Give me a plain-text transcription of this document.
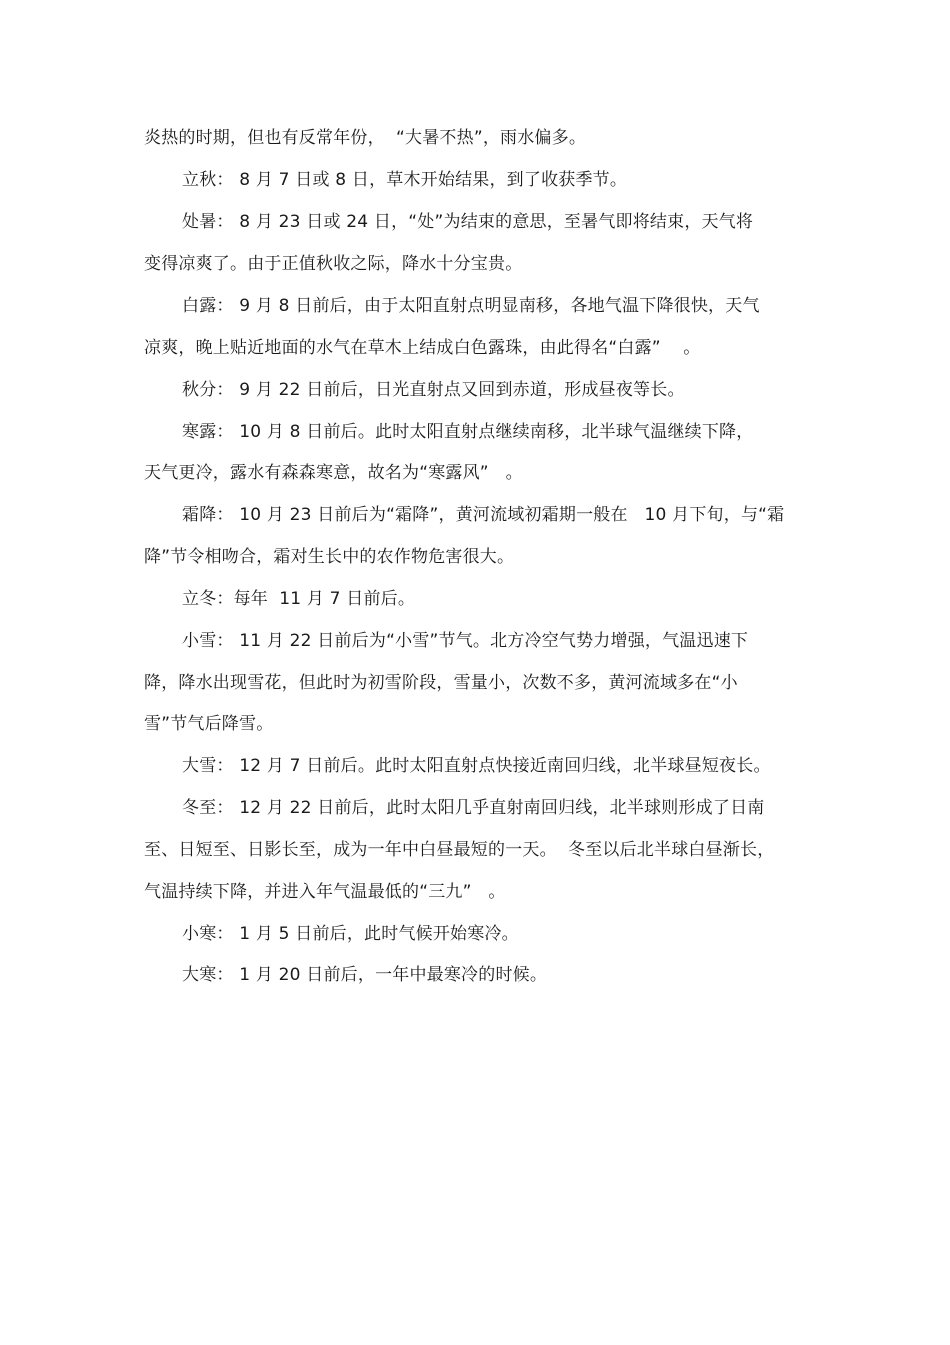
炎热的时期，但也有反常年份，  “大暑不热”，雨水偏多。
立秋： 8 月 7 日或 8 日，草木开始结果，到了收获季节。
处暑： 8 月 23 日或 24 日，“处”为结束的意思，至暑气即将结束，天气将
变得凉爽了。由于正值秋收之际，降水十分宝贵。
白露： 9 月 8 日前后，由于太阳直射点明显南移，各地气温下降很快，天气
凉爽，晚上贴近地面的水气在草木上结成白色露珠，由此得名“白露”    。
秋分： 9 月 22 日前后，日光直射点又回到赤道，形成昼夜等长。
寒露： 10 月 8 日前后。此时太阳直射点继续南移，北半球气温继续下降，
天气更冷，露水有森森寒意，故名为“寒露风”   。
霜降： 10 月 23 日前后为“霜降”，黄河流域初霜期一般在   10 月下旬，与“霜
降”节令相吻合，霜对生长中的农作物危害很大。
立冬：每年  11 月 7 日前后。
小雪： 11 月 22 日前后为“小雪”节气。北方冷空气势力增强，气温迅速下
降，降水出现雪花，但此时为初雪阶段，雪量小，次数不多，黄河流域多在“小
雪”节气后降雪。
大雪： 12 月 7 日前后。此时太阳直射点快接近南回归线，北半球昼短夜长。
冬至： 12 月 22 日前后，此时太阳几乎直射南回归线，北半球则形成了日南
至、日短至、日影长至，成为一年中白昼最短的一天。  冬至以后北半球白昼渐长，
气温持续下降，并进入年气温最低的“三九”   。
小寒： 1 月 5 日前后，此时气候开始寒冷。
大寒： 1 月 20 日前后，一年中最寒冷的时候。
